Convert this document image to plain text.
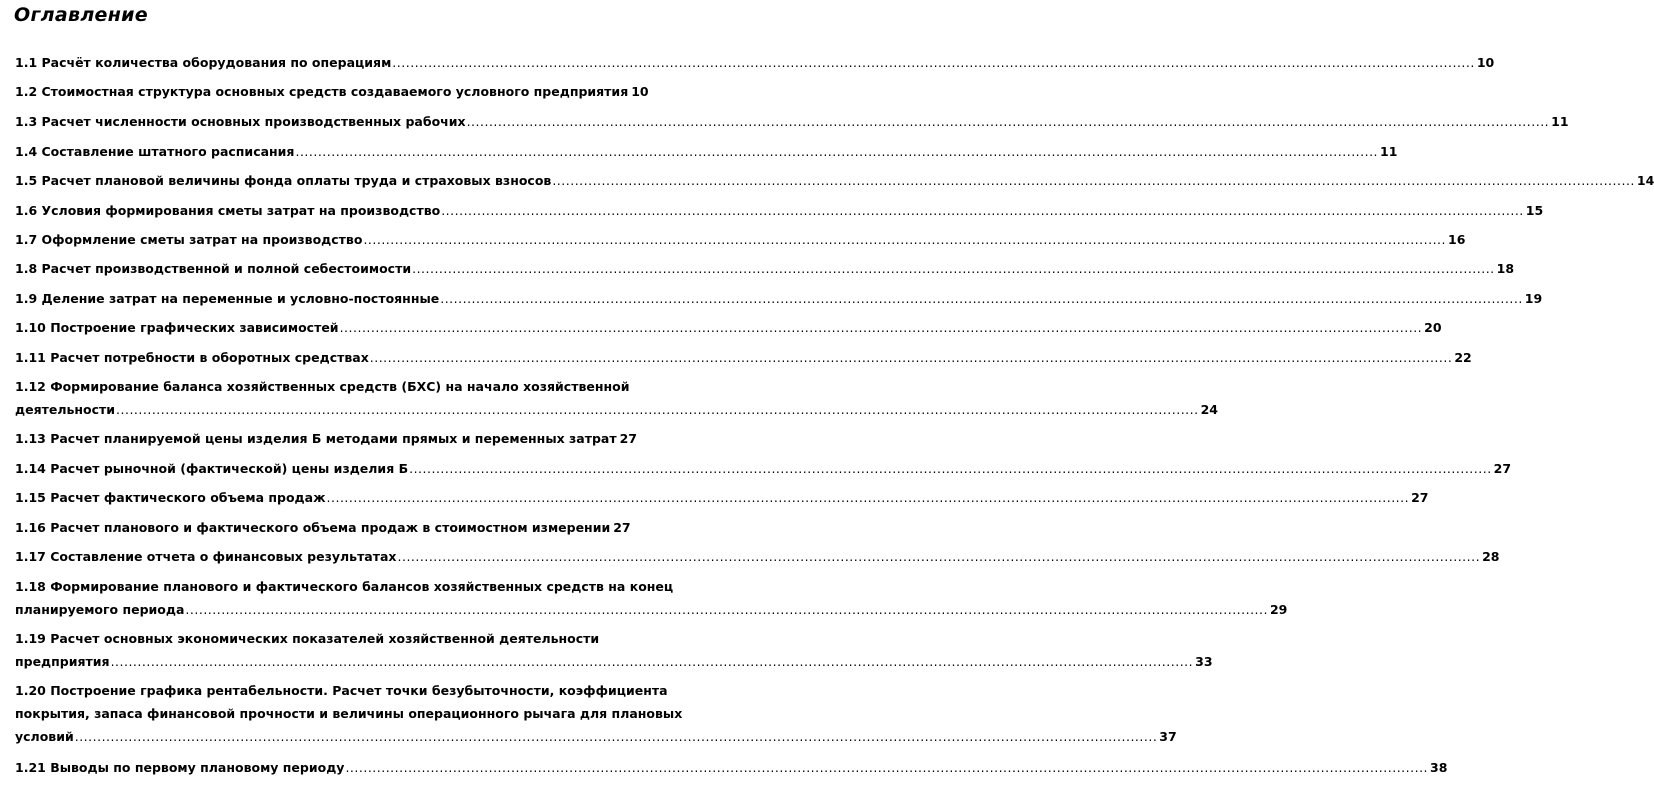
Оглавление
1.1 Расчёт количества оборудования по операциям .....	10
1.2 Стоимостная структура основных средств создаваемого условного предприятия 10
1.3 Расчет численности основных производственных рабочих .....	11
1.4 Составление штатного расписания .....	11
1.5 Расчет плановой величины фонда оплаты труда и страховых взносов .....	14
1.6 Условия формирования сметы затрат на производство .....	15
1.7 Оформление сметы затрат на производство .....	16
1.8 Расчет производственной и полной себестоимости .....	18
1.9 Деление затрат на переменные и условно-постоянные .....	19
1.10 Построение графических зависимостей .....	20
1.11 Расчет потребности в оборотных средствах .....	22
1.12 Формирование баланса хозяйственных средств (БХС) на начало хозяйственной
деятельности .....	24
1.13 Расчет планируемой цены изделия Б методами прямых и переменных затрат 27
1.14 Расчет рыночной (фактической) цены изделия Б .....	27
1.15 Расчет фактического объема продаж .....	27
1.16 Расчет планового и фактического объема продаж в стоимостном измерении 27
1.17 Составление отчета о финансовых результатах .....	28
1.18 Формирование планового и фактического балансов хозяйственных средств на конец
планируемого периода .....	29
1.19 Расчет основных экономических показателей хозяйственной деятельности
предприятия .....	33
1.20 Построение графика рентабельности. Расчет точки безубыточности, коэффициента
покрытия, запаса финансовой прочности и величины операционного рычага для плановых
условий .....	37
1.21 Выводы по первому плановому периоду .....	38
